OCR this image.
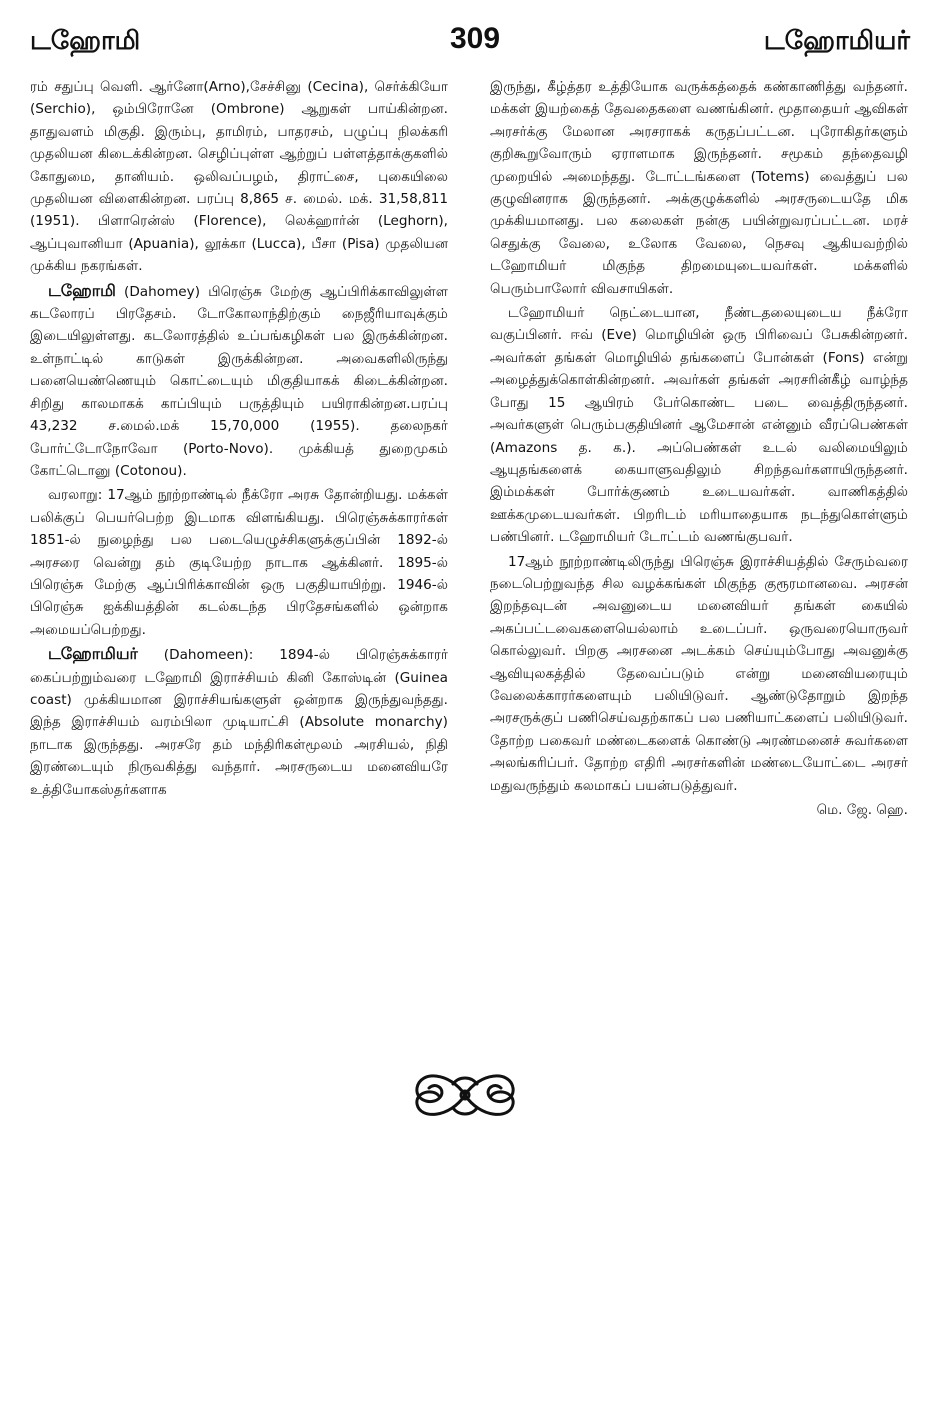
டஹோமி	309	டஹோமியர்

ரம் சதுப்பு வெளி. ஆர்னோ(Arno),சேச்சினு (Cecina), செர்க்கியோ (Serchio), ஒம்பிரோனே (Ombrone) ஆறுகள் பாய்கின்றன. தாதுவளம் மிகுதி. இரும்பு, தாமிரம், பாதரசம், பழுப்பு நிலக்கரி முதலியன கிடைக்கின்றன. செழிப்புள்ள ஆற்றுப் பள்ளத்தாக்குகளில் கோதுமை, தானியம். ஒலிவப்பழம், திராட்சை, புகையிலை முதலியன விளைகின்றன. பரப்பு 8,865 ச. மைல். மக். 31,58,811 (1951). பிளாரென்ஸ் (Florence), லெக்ஹார்ன் (Leghorn), ஆப்புவானியா (Apuania), லூக்கா (Lucca), பீசா (Pisa) முதலியன முக்கிய நகரங்கள்.

டஹோமி (Dahomey) பிரெஞ்சு மேற்கு ஆப்பிரிக்காவிலுள்ள கடலோரப் பிரதேசம். டோகோலாந்திற்கும் நைஜீரியாவுக்கும் இடையிலுள்ளது. கடலோரத்தில் உப்பங்கழிகள் பல இருக்கின்றன. உள்நாட்டில் காடுகள் இருக்கின்றன. அவைகளிலிருந்து பனையெண்ணெயும் கொட்டையும் மிகுதியாகக் கிடைக்கின்றன. சிறிது காலமாகக் காப்பியும் பருத்தியும் பயிராகின்றன.பரப்பு 43,232 ச.மைல்.மக் 15,70,000 (1955). தலைநகர் போர்ட்டோநோவோ (Porto-Novo). முக்கியத் துறைமுகம் கோட்டொனு (Cotonou).

வரலாறு: 17ஆம் நூற்றாண்டில் நீக்ரோ அரசு தோன்றியது. மக்கள் பலிக்குப் பெயர்பெற்ற இடமாக விளங்கியது. பிரெஞ்சுக்காரர்கள் 1851-ல் நுழைந்து பல படையெழுச்சிகளுக்குப்பின் 1892-ல் அரசரை வென்று தம் குடியேற்ற நாடாக ஆக்கினர். 1895-ல் பிரெஞ்சு மேற்கு ஆப்பிரிக்காவின் ஒரு பகுதியாயிற்று. 1946-ல் பிரெஞ்சு ஐக்கியத்தின் கடல்கடந்த பிரதேசங்களில் ஒன்றாக அமையப்பெற்றது.

டஹோமியர் (Dahomeen): 1894-ல் பிரெஞ்சுக்காரர் கைப்பற்றும்வரை டஹோமி இராச்சியம் கினி கோஸ்டின் (Guinea coast) முக்கியமான இராச்சியங்களுள் ஒன்றாக இருந்துவந்தது. இந்த இராச்சியம் வரம்பிலா முடியாட்சி (Absolute monarchy) நாடாக இருந்தது. அரசரே தம் மந்திரிகள்மூலம் அரசியல், நிதி இரண்டையும் நிருவகித்து வந்தார். அரசருடைய மனைவியரே உத்தியோகஸ்தர்களாக

இருந்து, கீழ்த்தர உத்தியோக வருக்கத்தைக் கண்காணித்து வந்தனர். மக்கள் இயற்கைத் தேவதைகளை வணங்கினர். மூதாதையர் ஆவிகள் அரசர்க்கு மேலான அரசராகக் கருதப்பட்டன. புரோகிதர்களும் குறிகூறுவோரும் ஏராளமாக இருந்தனர். சமூகம் தந்தைவழி முறையில் அமைந்தது. டோட்டங்களை (Totems) வைத்துப் பல குழுவினராக இருந்தனர். அக்குழுக்களில் அரசருடையதே மிக முக்கியமானது. பல கலைகள் நன்கு பயின்றுவரப்பட்டன. மரச் செதுக்கு வேலை, உலோக வேலை, நெசவு ஆகியவற்றில் டஹோமியர் மிகுந்த திறமையுடையவர்கள். மக்களில் பெரும்பாலோர் விவசாயிகள்.

டஹோமியர் நெட்டையான, நீண்டதலையுடைய நீக்ரோ வகுப்பினர். ஈவ் (Eve) மொழியின் ஒரு பிரிவைப் பேசுகின்றனர். அவர்கள் தங்கள் மொழியில் தங்களைப் போன்கள் (Fons) என்று அழைத்துக்கொள்கின்றனர். அவர்கள் தங்கள் அரசரின்கீழ் வாழ்ந்த போது 15 ஆயிரம் பேர்கொண்ட படை வைத்திருந்தனர். அவர்களுள் பெரும்பகுதியினர் ஆமேசான் என்னும் வீரப்பெண்கள் (Amazons த. க.). அப்பெண்கள் உடல் வலிமையிலும் ஆயுதங்களைக் கையாளுவதிலும் சிறந்தவர்களாயிருந்தனர். இம்மக்கள் போர்க்குணம் உடையவர்கள். வாணிகத்தில் ஊக்கமுடையவர்கள். பிறரிடம் மரியாதையாக நடந்துகொள்ளும் பண்பினர். டஹோமியர் டோட்டம் வணங்குபவர்.

17ஆம் நூற்றாண்டிலிருந்து பிரெஞ்சு இராச்சியத்தில் சேரும்வரை நடைபெற்றுவந்த சில வழக்கங்கள் மிகுந்த குரூரமானவை. அரசன் இறந்தவுடன் அவனுடைய மனைவியர் தங்கள் கையில் அகப்பட்டவைகளையெல்லாம் உடைப்பர். ஒருவரையொருவர் கொல்லுவர். பிறகு அரசனை அடக்கம் செய்யும்போது அவனுக்கு ஆவியுலகத்தில் தேவைப்படும் என்று மனைவியரையும் வேலைக்காரர்களையும் பலியிடுவர். ஆண்டுதோறும் இறந்த அரசருக்குப் பணிசெய்வதற்காகப் பல பணியாட்களைப் பலியிடுவர். தோற்ற பகைவர் மண்டைகளைக் கொண்டு அரண்மனைச் சுவர்களை அலங்கரிப்பர். தோற்ற எதிரி அரசர்களின் மண்டையோட்டை அரசர் மதுவருந்தும் கலமாகப் பயன்படுத்துவர்.

மெ. ஜே. ஹெ.
